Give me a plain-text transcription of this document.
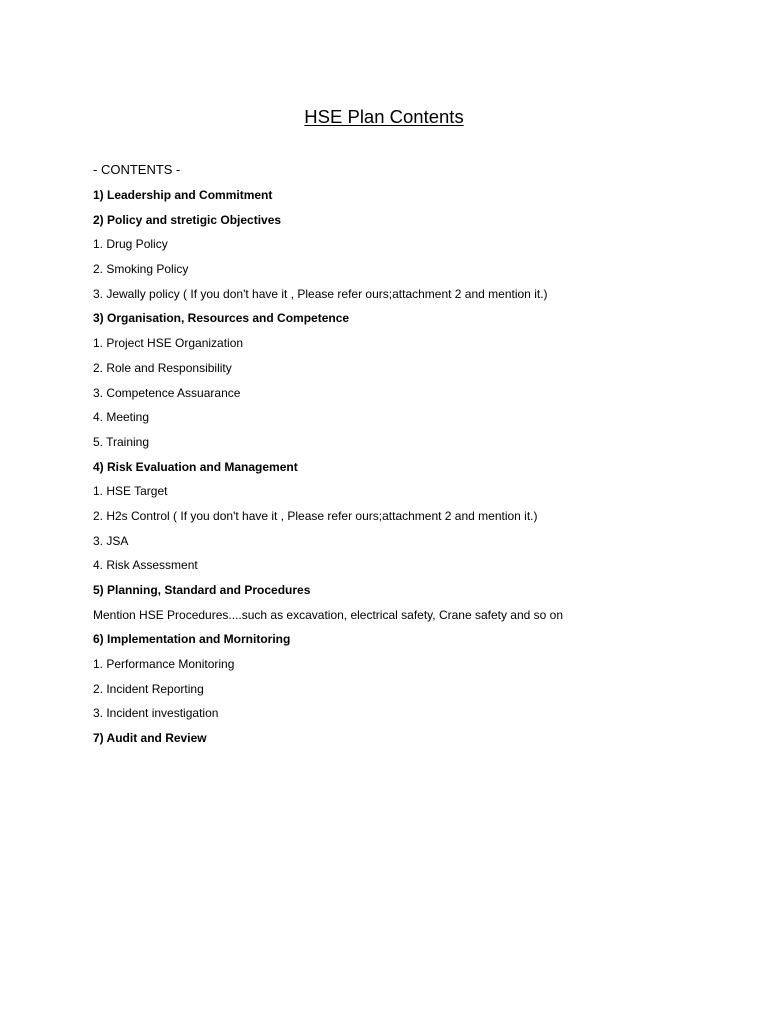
HSE Plan Contents
- CONTENTS -
1) Leadership and Commitment
2) Policy and stretigic Objectives
1. Drug Policy
2. Smoking Policy
3. Jewally policy ( If you don't have it , Please refer ours;attachment 2 and mention it.)
3) Organisation, Resources and Competence
1. Project HSE Organization
2. Role and Responsibility
3. Competence Assuarance
4. Meeting
5. Training
4) Risk Evaluation and Management
1. HSE Target
2. H2s Control ( If you don't have it , Please refer ours;attachment 2 and mention it.)
3. JSA
4. Risk Assessment
5) Planning, Standard and Procedures
Mention HSE Procedures....such as excavation, electrical safety, Crane safety and so on
6) Implementation and Mornitoring
1. Performance Monitoring
2. Incident Reporting
3. Incident investigation
7) Audit and Review
